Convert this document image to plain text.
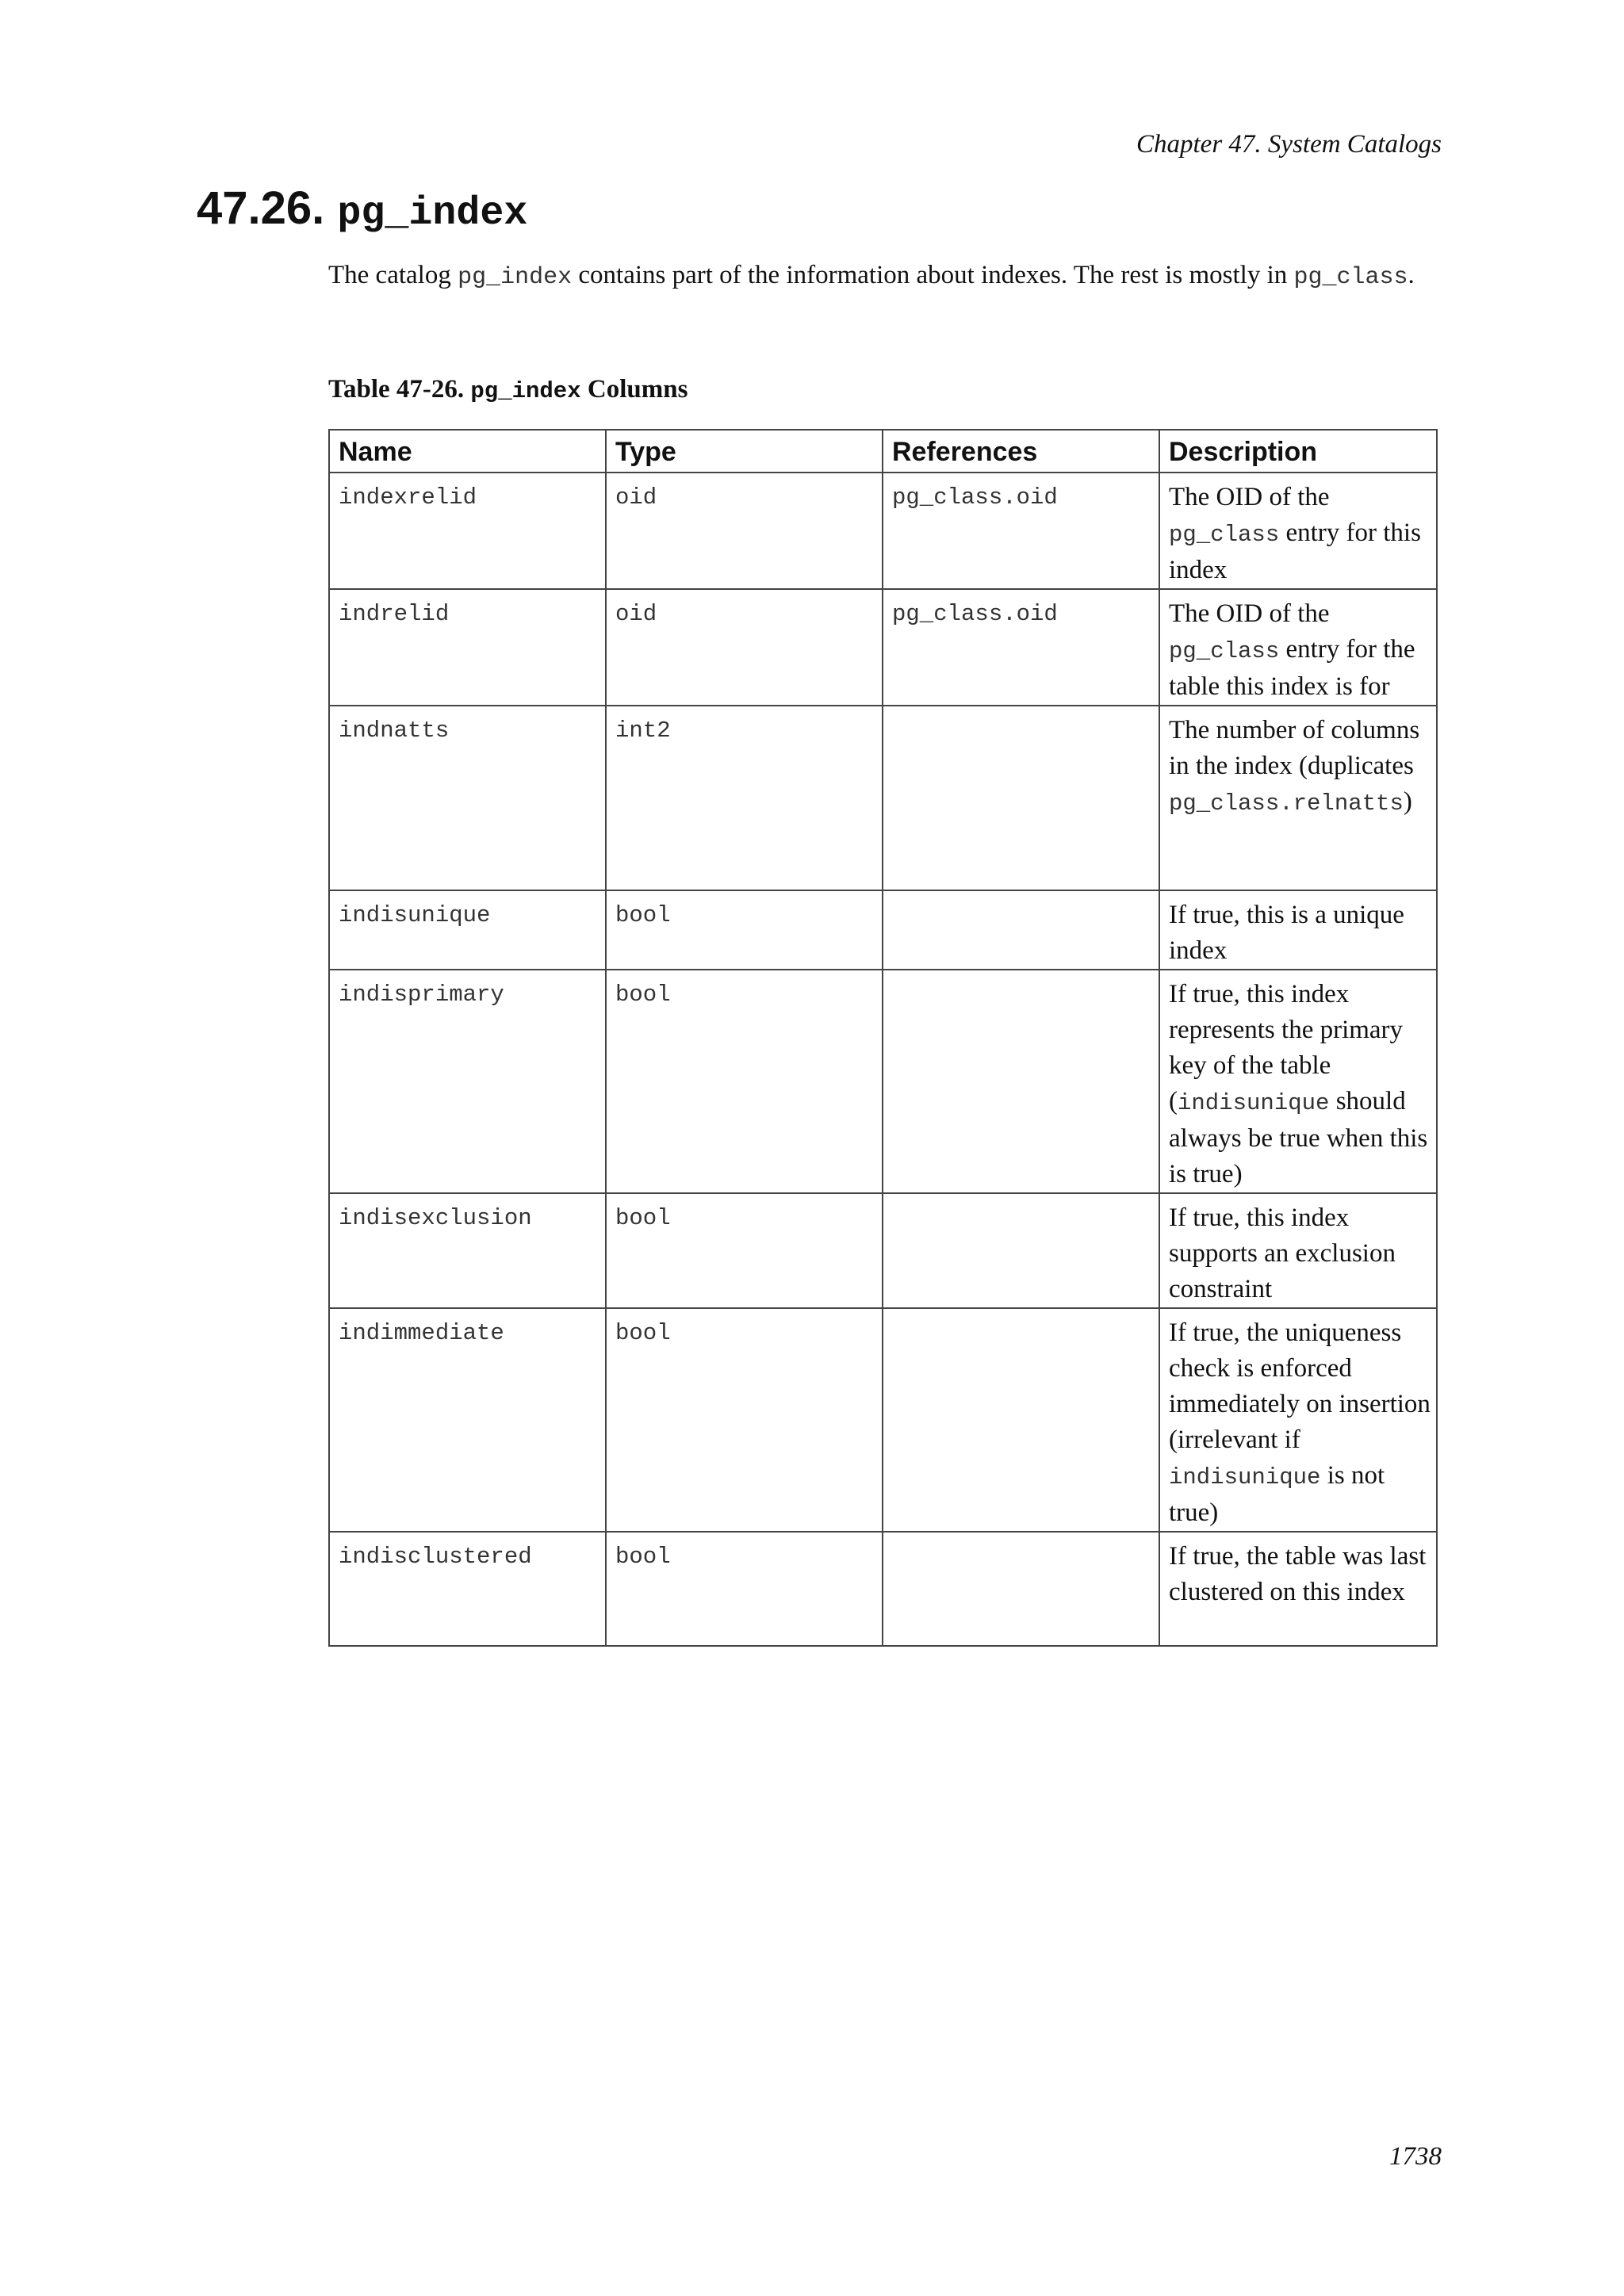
Chapter 47. System Catalogs

47.26. pg_index

The catalog pg_index contains part of the information about indexes. The rest is mostly in pg_class.

Table 47-26. pg_index Columns

Name	Type	References	Description
indexrelid	oid	pg_class.oid	The OID of the pg_class entry for this index
indrelid	oid	pg_class.oid	The OID of the pg_class entry for the table this index is for
indnatts	int2		The number of columns in the index (duplicates pg_class.relnatts)
indisunique	bool		If true, this is a unique index
indisprimary	bool		If true, this index represents the primary key of the table (indisunique should always be true when this is true)
indisexclusion	bool		If true, this index supports an exclusion constraint
indimmediate	bool		If true, the uniqueness check is enforced immediately on insertion (irrelevant if indisunique is not true)
indisclustered	bool		If true, the table was last clustered on this index

1738
